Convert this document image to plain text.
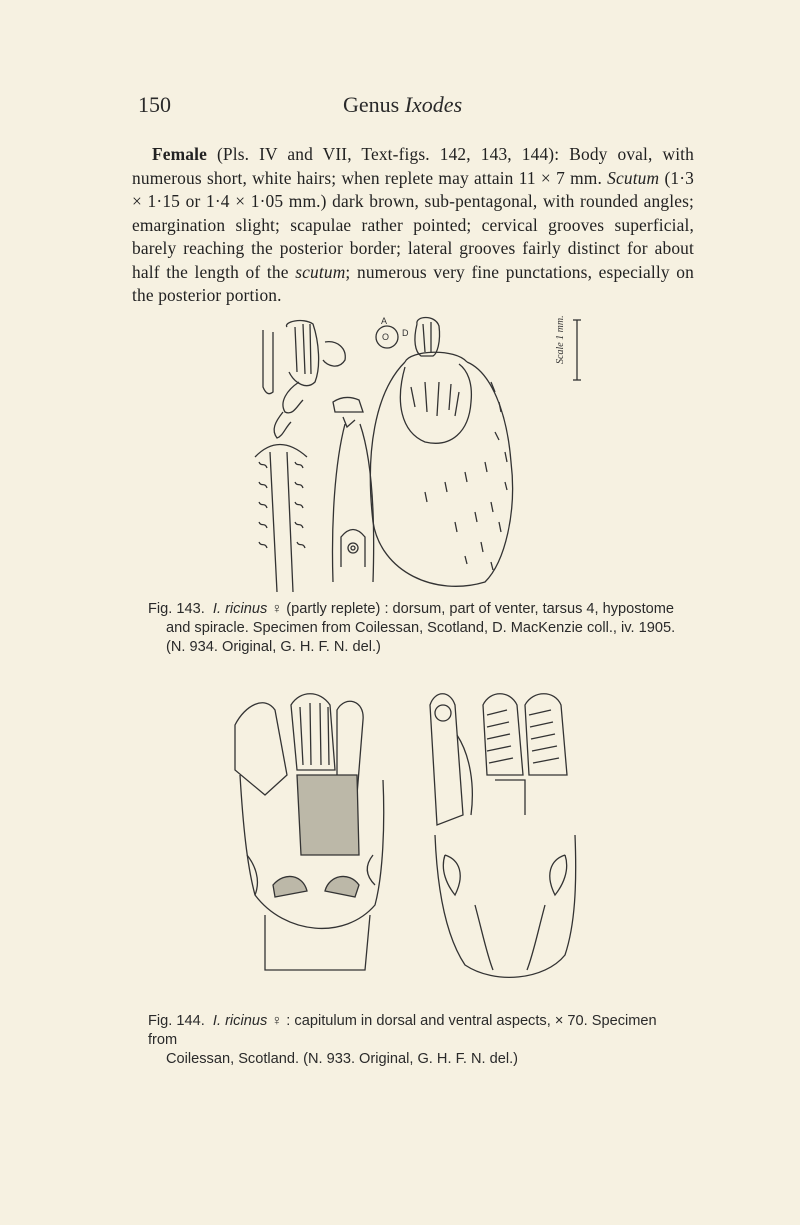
150	Genus Ixodes

Female (Pls. IV and VII, Text-figs. 142, 143, 144): Body oval, with numerous short, white hairs; when replete may attain 11 × 7 mm. Scutum (1·3 × 1·15 or 1·4 × 1·05 mm.) dark brown, sub-pentagonal, with rounded angles; emargination slight; scapulae rather pointed; cervical grooves superficial, barely reaching the posterior border; lateral grooves fairly distinct for about half the length of the scutum; numerous very fine punctations, especially on the posterior portion.

O
A
D	Scale 1 mm.
Fig. 143. I. ricinus ♀ (partly replete) : dorsum, part of venter, tarsus 4, hypostome
and spiracle. Specimen from Coilessan, Scotland, D. MacKenzie coll., iv. 1905.
(N. 934. Original, G. H. F. N. del.)
Fig. 144. I. ricinus ♀ : capitulum in dorsal and ventral aspects, × 70. Specimen from
Coilessan, Scotland. (N. 933. Original, G. H. F. N. del.)
